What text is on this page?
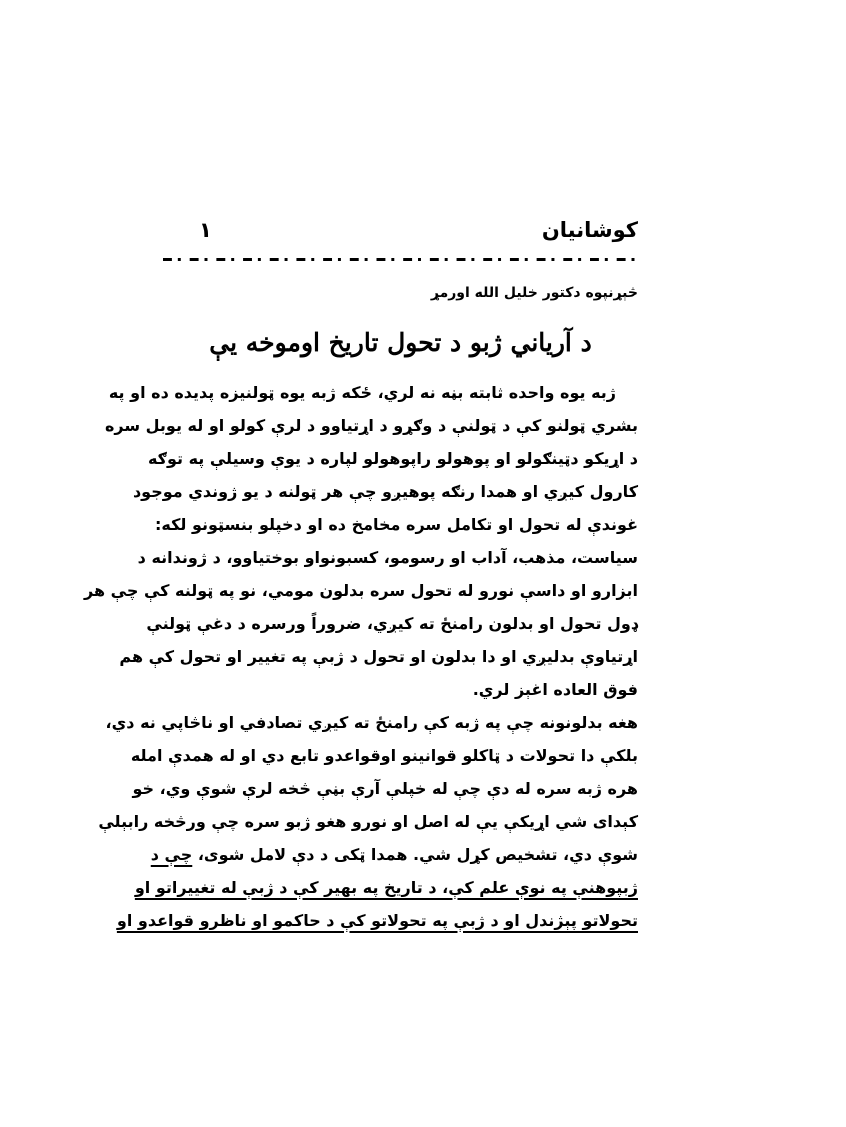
کوشانیان
١
څېړنپوه دکتور خلیل الله اورمړ
د آرياني ژبو د تحول تاريخ اوموخه يې
ژبه يوه واحده ثابته بڼه نه لري، ځکه ژبه يوه ټولنيزه پديده ده او په
بشري ټولنو کې د ټولنې د وګړو د اړتياوو د لرې کولو او له يوبل سره
د اړيکو دټينګولو او پوهولو راپوهولو لپاره د يوې وسيلې په توګه
کارول کيږي او همدا رنګه پوهيږو چې هر ټولنه د يو ژوندي موجود
غوندې له تحول او تکامل سره مخامخ ده او دخپلو بنسټونو لکه:
سياست، مذهب، آداب او رسومو، کسبونواو بوختياوو، د ژوندانه د
ابزارو او داسې نورو له تحول سره بدلون مومي، نو په ټولنه کې چې هر
ډول تحول او بدلون رامنځ ته کيږي، ضروراً ورسره د دغې ټولنې
اړتياوې بدليږي او دا بدلون او تحول د ژبې په تغيير او تحول کې هم
فوق العاده اغېز لري.
هغه بدلونونه چې په ژبه کې رامنځ ته کيږي تصادفي او ناڅاپي نه دي،
بلکې دا تحولات د ټاکلو قوانينو اوقواعدو تابع دي او له همدې امله
هره ژبه سره له دې چې له خپلې آرې بڼې څخه لرې شوې وي، خو
کېداى شي اړيکې يې له اصل او نورو هغو ژبو سره چې ورڅخه رابېلې
شوې دي، تشخيص کړل شي. همدا ټکی د دې لامل شوی، چې د
ژبپوهنې په نوې علم کې، د تاريخ په بهير کې د ژبې له تغييراتو او
تحولاتو پېژندل او د ژبې په تحولاتو کې د حاکمو او ناظرو قواعدو او
